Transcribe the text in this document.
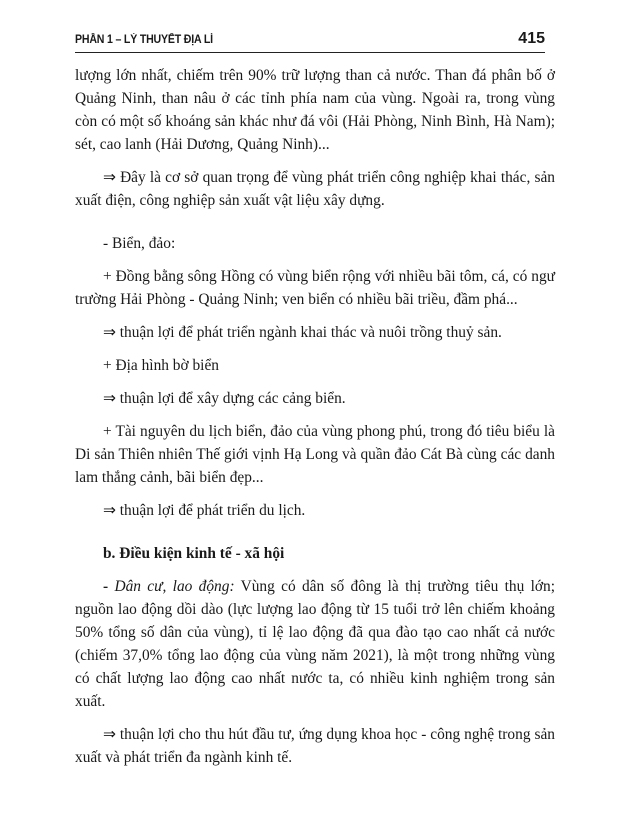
PHẦN 1 – LÝ THUYẾT ĐỊA LÍ	415

lượng lớn nhất, chiếm trên 90% trữ lượng than cả nước. Than đá phân bố ở Quảng Ninh, than nâu ở các tỉnh phía nam của vùng. Ngoài ra, trong vùng còn có một số khoáng sản khác như đá vôi (Hải Phòng, Ninh Bình, Hà Nam); sét, cao lanh (Hải Dương, Quảng Ninh)...

⇒ Đây là cơ sở quan trọng để vùng phát triển công nghiệp khai thác, sản xuất điện, công nghiệp sản xuất vật liệu xây dựng.

- Biển, đảo:

+ Đồng bằng sông Hồng có vùng biển rộng với nhiều bãi tôm, cá, có ngư trường Hải Phòng - Quảng Ninh; ven biển có nhiều bãi triều, đầm phá...

⇒ thuận lợi để phát triển ngành khai thác và nuôi trồng thuỷ sản.

+ Địa hình bờ biển

⇒ thuận lợi để xây dựng các cảng biển.

+ Tài nguyên du lịch biển, đảo của vùng phong phú, trong đó tiêu biểu là Di sản Thiên nhiên Thế giới vịnh Hạ Long và quần đảo Cát Bà cùng các danh lam thắng cảnh, bãi biển đẹp...

⇒ thuận lợi để phát triển du lịch.

b. Điều kiện kinh tế - xã hội

- Dân cư, lao động: Vùng có dân số đông là thị trường tiêu thụ lớn; nguồn lao động dồi dào (lực lượng lao động từ 15 tuổi trở lên chiếm khoảng 50% tổng số dân của vùng), tỉ lệ lao động đã qua đào tạo cao nhất cả nước (chiếm 37,0% tổng lao động của vùng năm 2021), là một trong những vùng có chất lượng lao động cao nhất nước ta, có nhiều kinh nghiệm trong sản xuất.

⇒ thuận lợi cho thu hút đầu tư, ứng dụng khoa học - công nghệ trong sản xuất và phát triển đa ngành kinh tế.
